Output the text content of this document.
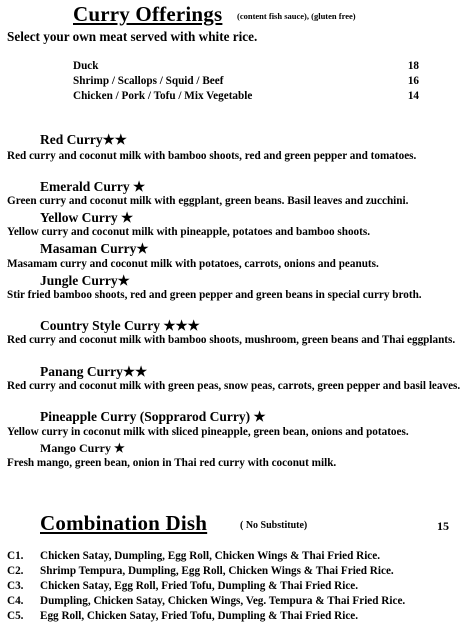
Curry Offerings (content fish sauce), (gluten free)
Select your own meat served with white rice.
Duck	18
Shrimp / Scallops / Squid / Beef	16
Chicken / Pork / Tofu / Mix Vegetable	14
Red Curry★★
Red curry and coconut milk with bamboo shoots, red and green pepper and tomatoes.
Emerald Curry ★
Green curry and coconut milk with eggplant, green beans. Basil leaves and zucchini.
Yellow Curry ★
Yellow curry and coconut milk with pineapple, potatoes and bamboo shoots.
Masaman Curry★
Masamam curry and coconut milk with potatoes, carrots, onions and peanuts.
Jungle Curry★
Stir fried bamboo shoots, red and green pepper and green beans in special curry broth.
Country Style Curry ★★★
Red curry and coconut milk with bamboo shoots, mushroom, green beans and Thai eggplants.
Panang Curry★★
Red curry and coconut milk with green peas, snow peas, carrots, green pepper and basil leaves.
Pineapple Curry (Sopprarod Curry) ★
Yellow curry in coconut milk with sliced pineapple, green bean, onions and potatoes.
Mango Curry ★
Fresh mango, green bean, onion in Thai red curry with coconut milk.
Combination Dish	( No Substitute)	15
C1. Chicken Satay, Dumpling, Egg Roll, Chicken Wings & Thai Fried Rice.
C2. Shrimp Tempura, Dumpling, Egg Roll, Chicken Wings & Thai Fried Rice.
C3. Chicken Satay, Egg Roll, Fried Tofu, Dumpling & Thai Fried Rice.
C4. Dumpling, Chicken Satay, Chicken Wings, Veg. Tempura & Thai Fried Rice.
C5. Egg Roll, Chicken Satay, Fried Tofu, Dumpling & Thai Fried Rice.
